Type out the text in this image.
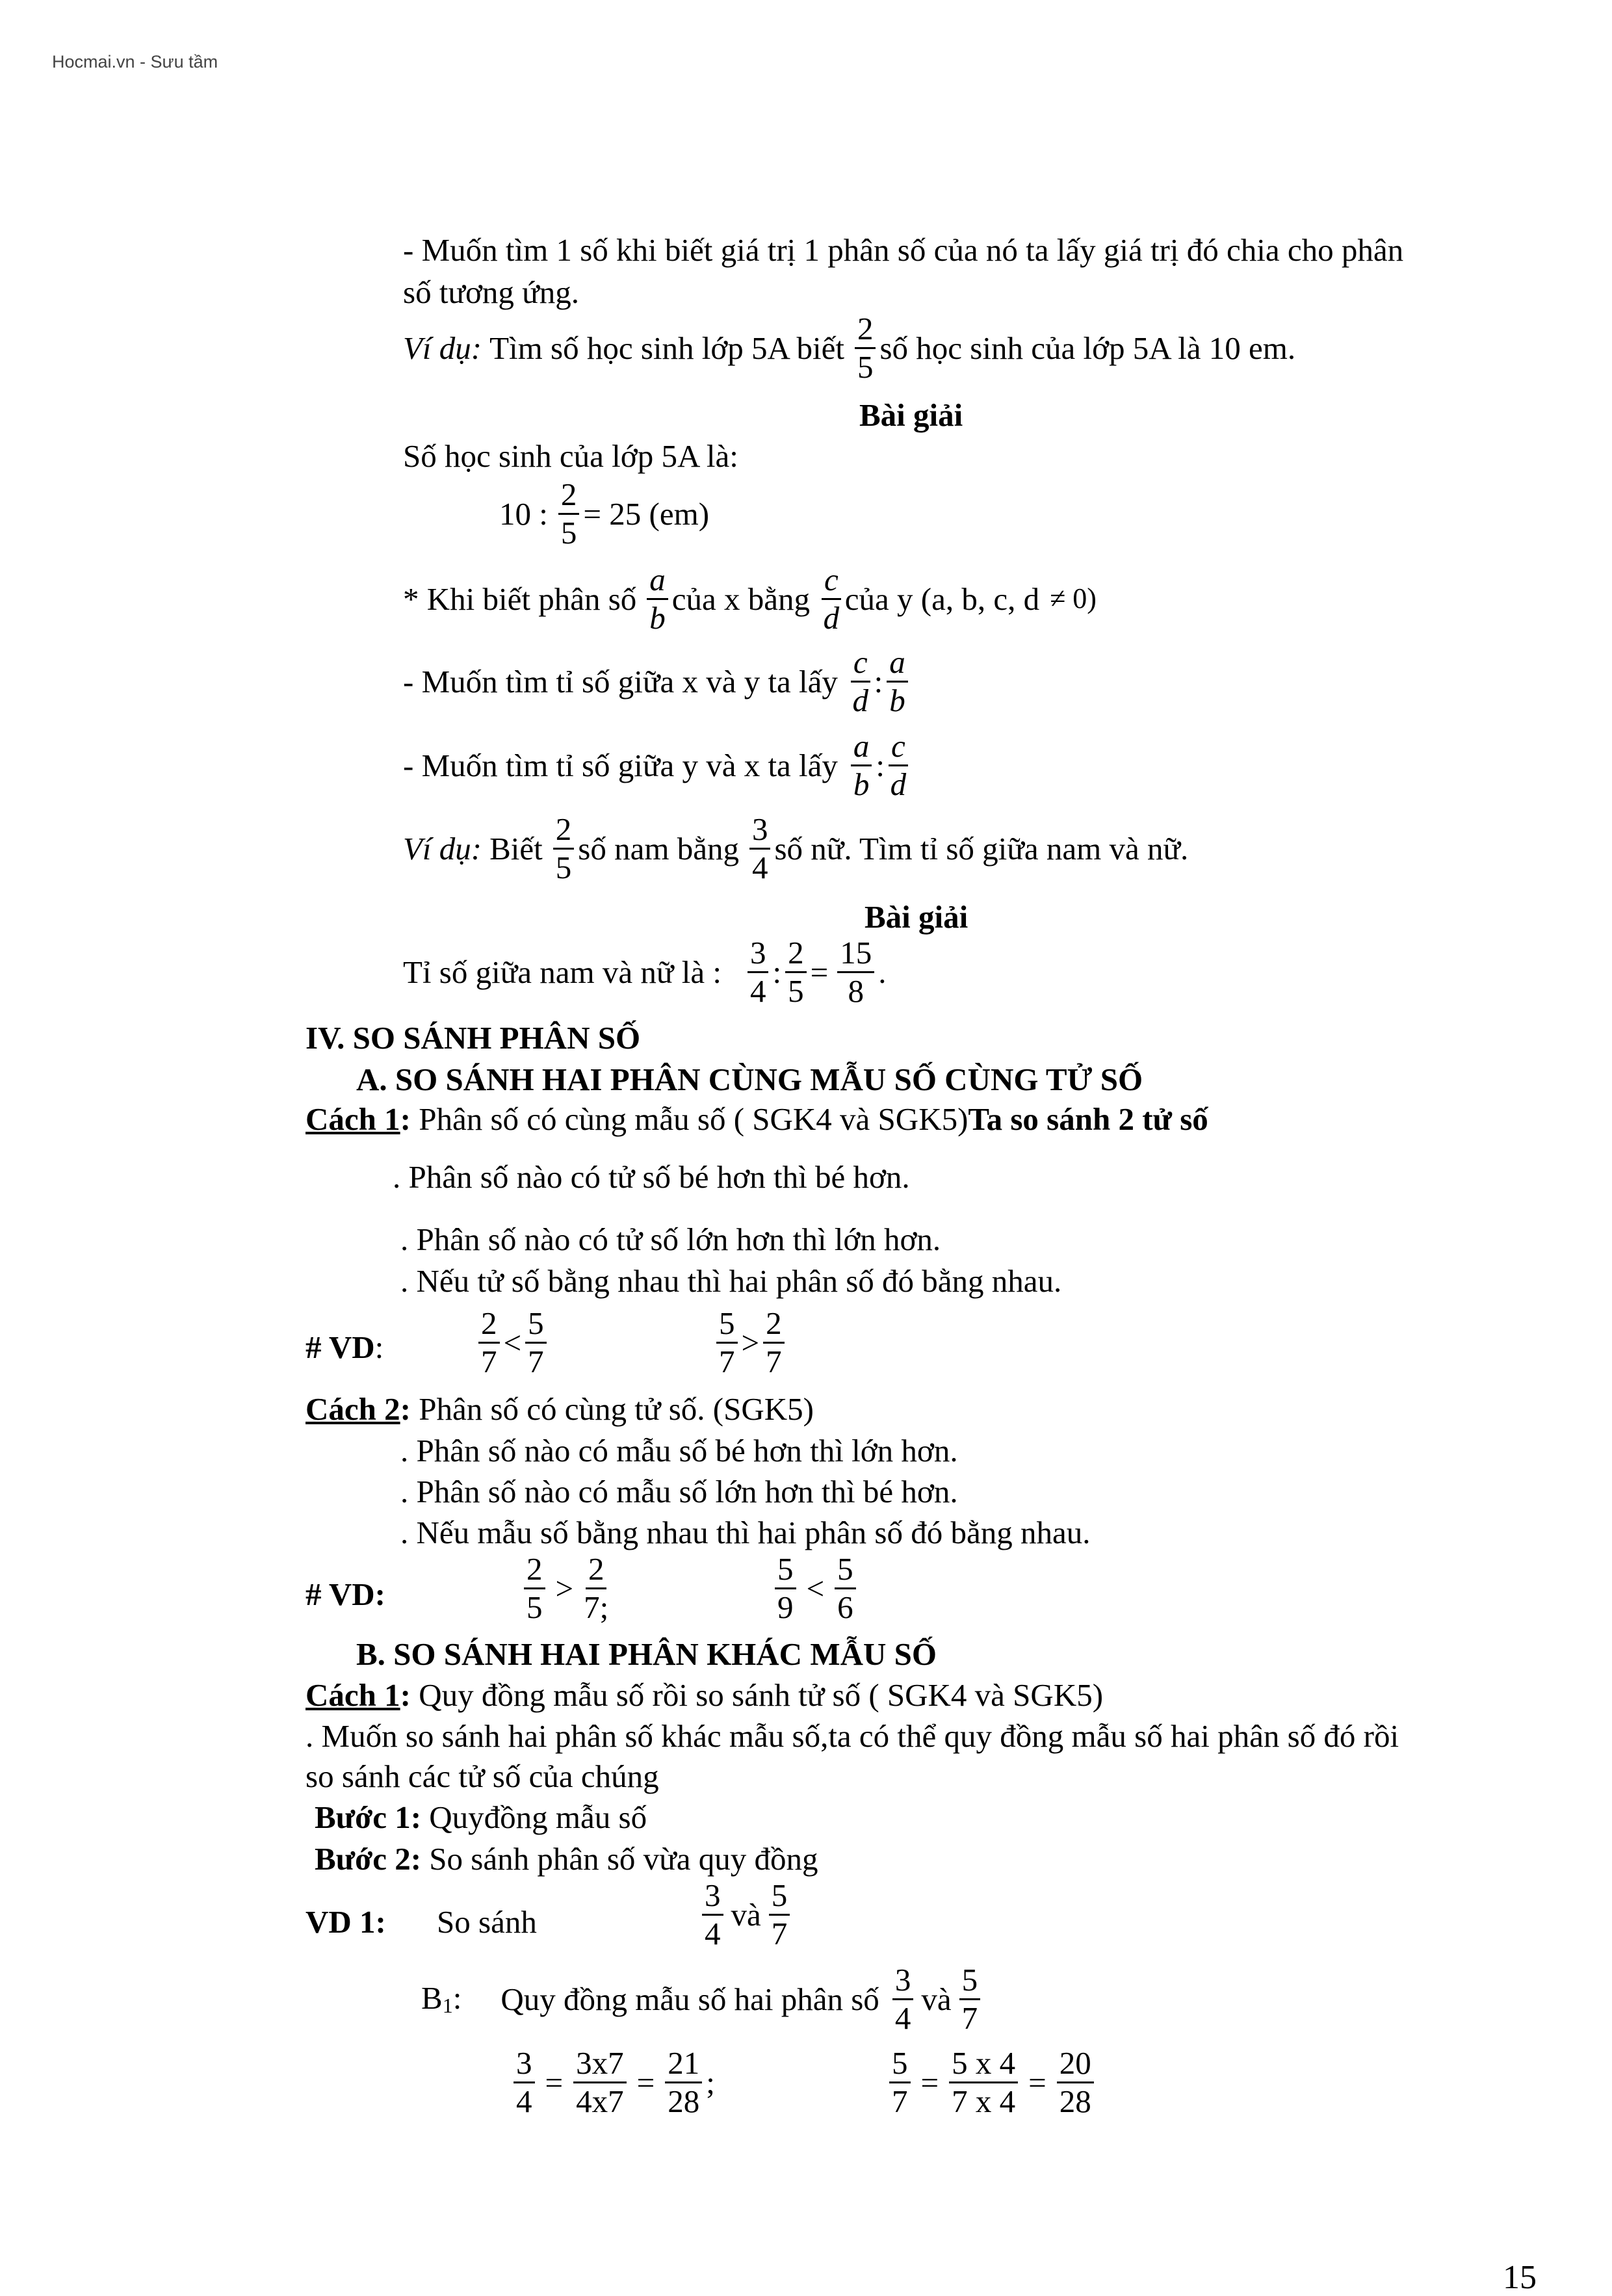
Hocmai.vn - Sưu tầm
- Muốn tìm 1 số khi biết giá trị 1 phân số của nó ta lấy giá trị đó chia cho phân
số tương ứng.
Ví dụ: Tìm số học sinh lớp 5A biết $\frac{2}{5}$ số học sinh của lớp 5A là 10 em.
Bài giải
Số học sinh của lớp 5A là:
10 : $\frac{2}{5} = 25$ (em)
* Khi biết phân số $\frac{a}{b}$ của x bằng $\frac{c}{d}$ của y (a, b, c, d ≠ 0)
- Muốn tìm tỉ số giữa x và y ta lấy $\frac{c}{d}$ : $\frac{a}{b}$
- Muốn tìm tỉ số giữa y và x ta lấy $\frac{a}{b}$ : $\frac{c}{d}$
Ví dụ: Biết $\frac{2}{5}$ số nam bằng $\frac{3}{4}$ số nữ. Tìm tỉ số giữa nam và nữ.
Bài giải
Tỉ số giữa nam và nữ là : $\frac{3}{4}$ : $\frac{2}{5} = \frac{15}{8}$ .
IV. SO SÁNH PHÂN SỐ
A. SO SÁNH HAI PHÂN CÙNG MẪU SỐ CÙNG TỬ SỐ
Cách 1: Phân số có cùng mẫu số ( SGK4 và SGK5)Ta so sánh 2 tử số
. Phân số nào có tử số bé hơn thì bé hơn.
. Phân số nào có tử số lớn hơn thì lớn hơn.
. Nếu tử số bằng nhau thì hai phân số đó bằng nhau.
# VD:	$\frac{2}{7} < \frac{5}{7}$	$\frac{5}{7} > \frac{2}{7}$
Cách 2: Phân số có cùng tử số. (SGK5)
. Phân số nào có mẫu số bé hơn thì lớn hơn.
. Phân số nào có mẫu số lớn hơn thì bé hơn.
. Nếu mẫu số bằng nhau thì hai phân số đó bằng nhau.
# VD:	$\frac{2}{5} > \frac{2}{7;}$	$\frac{5}{9} < \frac{5}{6}$
B. SO SÁNH HAI PHÂN KHÁC MẪU SỐ
Cách 1: Quy đồng mẫu số rồi so sánh tử số ( SGK4 và SGK5)
. Muốn so sánh hai phân số khác mẫu số,ta có thể quy đồng mẫu số hai phân số đó rồi
so sánh các tử số của chúng
Bước 1: Quyđồng mẫu số
Bước 2: So sánh phân số vừa quy đồng
VD 1: So sánh	$\frac{3}{4}$ và $\frac{5}{7}$
B1: Quy đồng mẫu số hai phân số $\frac{3}{4}$ và $\frac{5}{7}$
$\frac{3}{4} = \frac{3x7}{4x7} = \frac{21}{28}$ ;	$\frac{5}{7} = \frac{5 x 4}{7 x 4} = \frac{20}{28}$
15
